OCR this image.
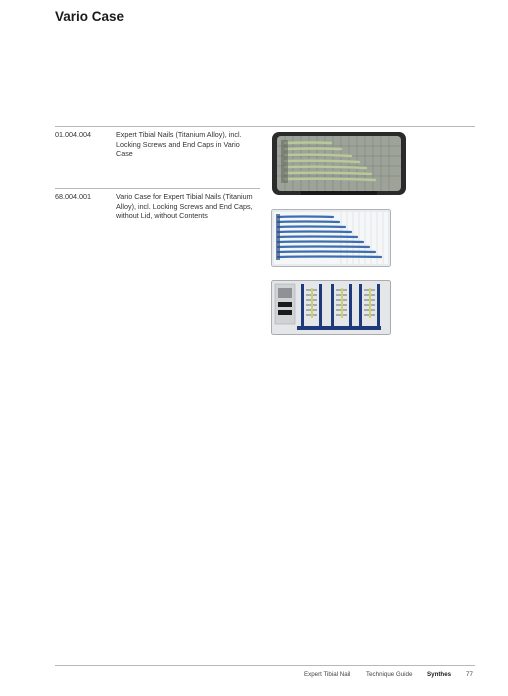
Vario Case
01.004.004	Expert Tibial Nails (Titanium Alloy), incl. Locking Screws and End Caps in Vario Case
68.004.001	Vario Case for Expert Tibial Nails (Titanium Alloy), incl. Locking Screws and End Caps, without Lid, without Contents
Expert Tibial Nail	Technique Guide Synthes 77
